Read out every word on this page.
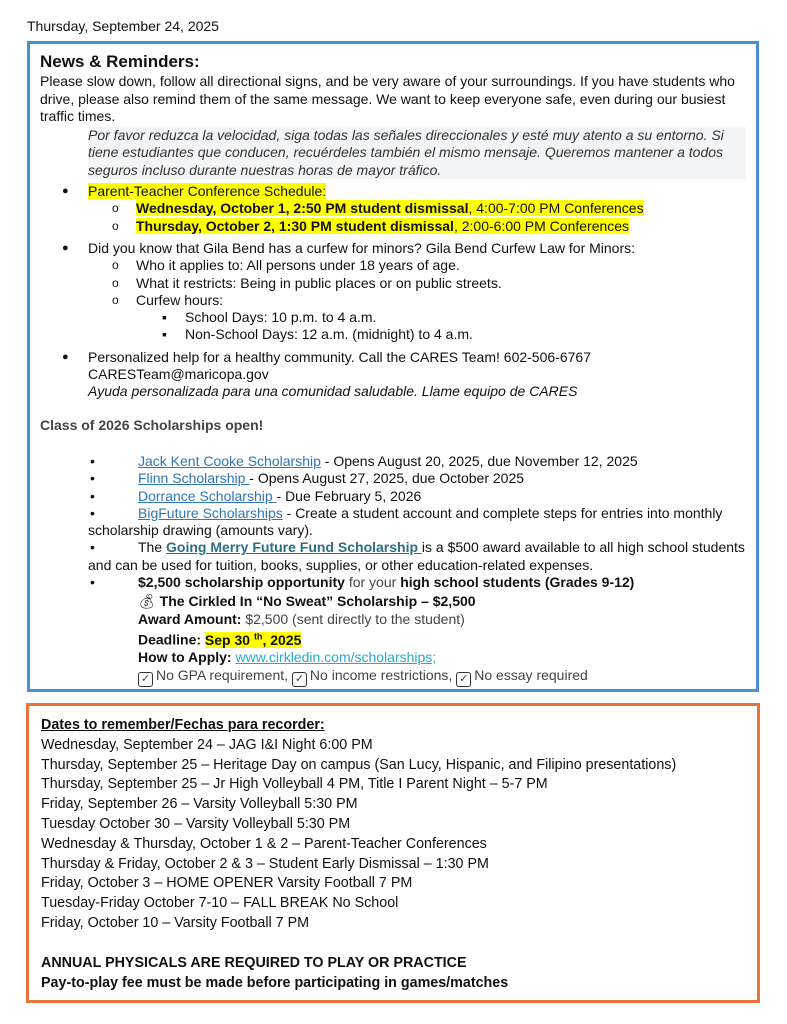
Thursday, September 24, 2025
News & Reminders:
Please slow down, follow all directional signs, and be very aware of your surroundings. If you have students who drive, please also remind them of the same message. We want to keep everyone safe, even during our busiest traffic times.
Por favor reduzca la velocidad, siga todas las señales direccionales y esté muy atento a su entorno. Si tiene estudiantes que conducen, recuérdeles también el mismo mensaje. Queremos mantener a todos seguros incluso durante nuestras horas de mayor tráfico.
● Parent-Teacher Conference Schedule:
o Wednesday, October 1, 2:50 PM student dismissal, 4:00-7:00 PM Conferences
o Thursday, October 2, 1:30 PM student dismissal, 2:00-6:00 PM Conferences
● Did you know that Gila Bend has a curfew for minors? Gila Bend Curfew Law for Minors:
o Who it applies to: All persons under 18 years of age.
o What it restricts: Being in public places or on public streets.
o Curfew hours:
▪ School Days: 10 p.m. to 4 a.m.
▪ Non-School Days: 12 a.m. (midnight) to 4 a.m.
● Personalized help for a healthy community. Call the CARES Team! 602-506-6767
CARESTeam@maricopa.gov
Ayuda personalizada para una comunidad saludable. Llame equipo de CARES
Class of 2026 Scholarships open!
• Jack Kent Cooke Scholarship - Opens August 20, 2025, due November 12, 2025
• Flinn Scholarship - Opens August 27, 2025, due October 2025
• Dorrance Scholarship - Due February 5, 2026
• BigFuture Scholarships - Create a student account and complete steps for entries into monthly scholarship drawing (amounts vary).
• The Going Merry Future Fund Scholarship is a $500 award available to all high school students and can be used for tuition, books, supplies, or other education-related expenses.
• $2,500 scholarship opportunity for your high school students (Grades 9-12)
💰︎ The Cirkled In “No Sweat” Scholarship – $2,500
Award Amount: $2,500 (sent directly to the student)
Deadline: Sep 30 $^{th}$, 2025
How to Apply: www.cirkledin.com/scholarships;
✓ No GPA requirement, ✓ No income restrictions, ✓ No essay required
Dates to remember/Fechas para recorder:
Wednesday, September 24 – JAG I&I Night 6:00 PM
Thursday, September 25 – Heritage Day on campus (San Lucy, Hispanic, and Filipino presentations)
Thursday, September 25 – Jr High Volleyball 4 PM, Title I Parent Night – 5-7 PM
Friday, September 26 – Varsity Volleyball 5:30 PM
Tuesday October 30 – Varsity Volleyball 5:30 PM
Wednesday & Thursday, October 1 & 2 – Parent-Teacher Conferences
Thursday & Friday, October 2 & 3 – Student Early Dismissal – 1:30 PM
Friday, October 3 – HOME OPENER Varsity Football 7 PM
Tuesday-Friday October 7-10 – FALL BREAK No School
Friday, October 10 – Varsity Football 7 PM
ANNUAL PHYSICALS ARE REQUIRED TO PLAY OR PRACTICE
Pay-to-play fee must be made before participating in games/matches
